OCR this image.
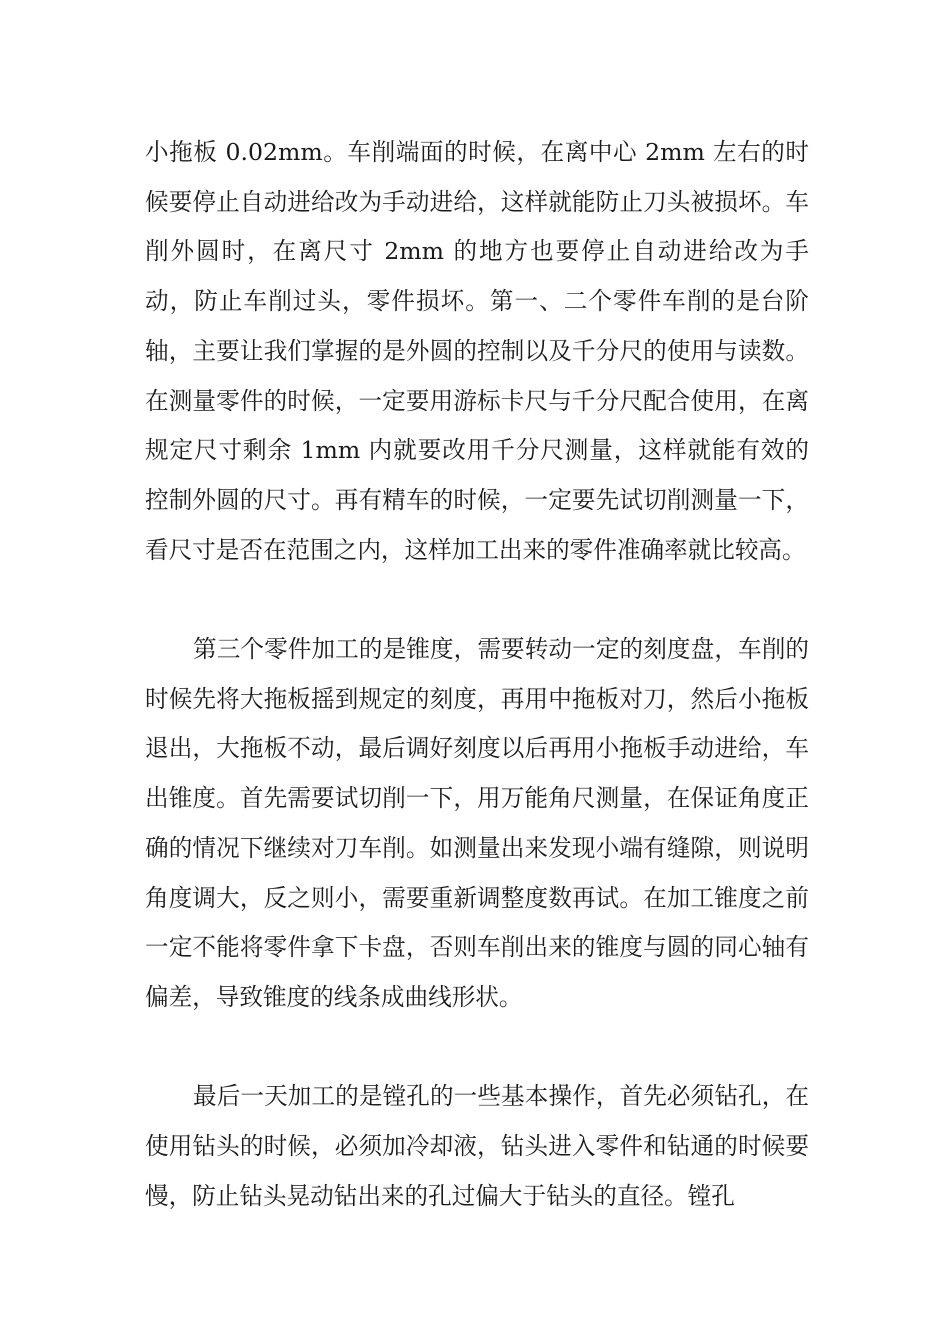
小拖板 0.02mm。车削端面的时候，在离中心 2mm 左右的时候要停止自动进给改为手动进给，这样就能防止刀头被损坏。车削外圆时，在离尺寸 2mm 的地方也要停止自动进给改为手动，防止车削过头，零件损坏。第一、二个零件车削的是台阶轴，主要让我们掌握的是外圆的控制以及千分尺的使用与读数。在测量零件的时候，一定要用游标卡尺与千分尺配合使用，在离规定尺寸剩余 1mm 内就要改用千分尺测量，这样就能有效的控制外圆的尺寸。再有精车的时候，一定要先试切削测量一下，看尺寸是否在范围之内，这样加工出来的零件准确率就比较高。

第三个零件加工的是锥度，需要转动一定的刻度盘，车削的时候先将大拖板摇到规定的刻度，再用中拖板对刀，然后小拖板退出，大拖板不动，最后调好刻度以后再用小拖板手动进给，车出锥度。首先需要试切削一下，用万能角尺测量，在保证角度正确的情况下继续对刀车削。如测量出来发现小端有缝隙，则说明角度调大，反之则小，需要重新调整度数再试。在加工锥度之前一定不能将零件拿下卡盘，否则车削出来的锥度与圆的同心轴有偏差，导致锥度的线条成曲线形状。

最后一天加工的是镗孔的一些基本操作，首先必须钻孔，在使用钻头的时候，必须加冷却液，钻头进入零件和钻通的时候要慢，防止钻头晃动钻出来的孔过偏大于钻头的直径。镗孔
